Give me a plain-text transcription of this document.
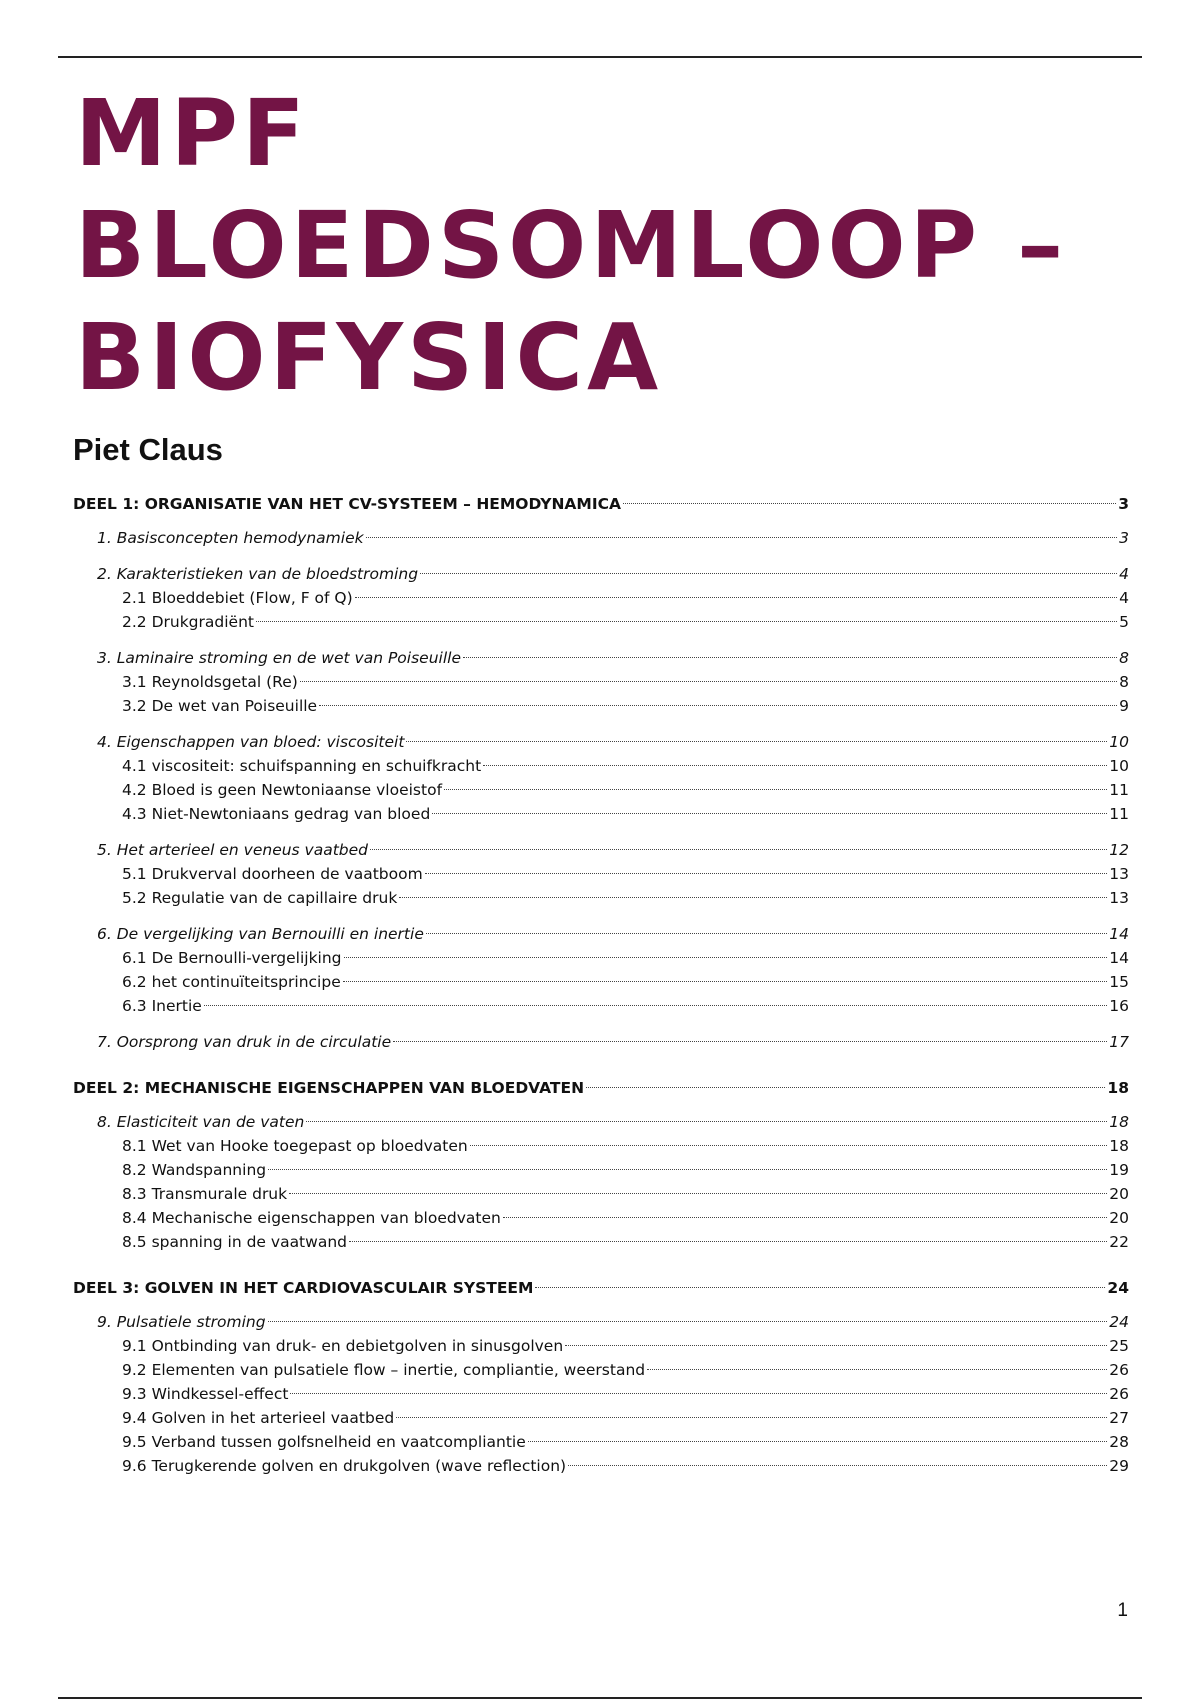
MPF
BLOEDSOMLOOP –
BIOFYSICA
Piet Claus
DEEL 1: ORGANISATIE VAN HET CV-SYSTEEM – HEMODYNAMICA	3
1. Basisconcepten hemodynamiek	3
2. Karakteristieken van de bloedstroming	4
2.1 Bloeddebiet (Flow, F of Q)	4
2.2 Drukgradiënt	5
3. Laminaire stroming en de wet van Poiseuille	8
3.1 Reynoldsgetal (Re)	8
3.2 De wet van Poiseuille	9
4. Eigenschappen van bloed: viscositeit	10
4.1 viscositeit: schuifspanning en schuifkracht	10
4.2 Bloed is geen Newtoniaanse vloeistof	11
4.3 Niet-Newtoniaans gedrag van bloed	11
5. Het arterieel en veneus vaatbed	12
5.1 Drukverval doorheen de vaatboom	13
5.2 Regulatie van de capillaire druk	13
6. De vergelijking van Bernouilli en inertie	14
6.1 De Bernoulli-vergelijking	14
6.2 het continuïteitsprincipe	15
6.3 Inertie	16
7. Oorsprong van druk in de circulatie	17
DEEL 2: MECHANISCHE EIGENSCHAPPEN VAN BLOEDVATEN	18
8. Elasticiteit van de vaten	18
8.1 Wet van Hooke toegepast op bloedvaten	18
8.2 Wandspanning	19
8.3 Transmurale druk	20
8.4 Mechanische eigenschappen van bloedvaten	20
8.5 spanning in de vaatwand	22
DEEL 3: GOLVEN IN HET CARDIOVASCULAIR SYSTEEM	24
9. Pulsatiele stroming	24
9.1 Ontbinding van druk- en debietgolven in sinusgolven	25
9.2 Elementen van pulsatiele flow – inertie, compliantie, weerstand	26
9.3 Windkessel-effect	26
9.4 Golven in het arterieel vaatbed	27
9.5 Verband tussen golfsnelheid en vaatcompliantie	28
9.6 Terugkerende golven en drukgolven (wave reflection)	29
1
